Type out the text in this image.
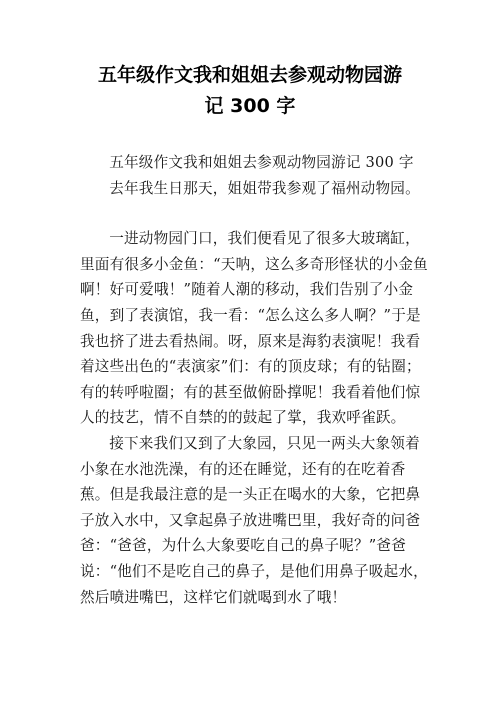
五年级作文我和姐姐去参观动物园游
记 300 字

五年级作文我和姐姐去参观动物园游记 300 字

去年我生日那天，姐姐带我参观了福州动物园。

一进动物园门口，我们便看见了很多大玻璃缸，里面有很多小金鱼：“天呐，这么多奇形怪状的小金鱼啊！好可爱哦！”随着人潮的移动，我们告别了小金鱼，到了表演馆，我一看：“怎么这么多人啊？”于是我也挤了进去看热闹。呀，原来是海豹表演呢！我看着这些出色的“表演家”们：有的顶皮球；有的钻圈；有的转呼啦圈；有的甚至做俯卧撑呢！我看着他们惊人的技艺，情不自禁的的鼓起了掌，我欢呼雀跃。

接下来我们又到了大象园，只见一两头大象领着小象在水池洗澡，有的还在睡觉，还有的在吃着香蕉。但是我最注意的是一头正在喝水的大象，它把鼻子放入水中，又拿起鼻子放进嘴巴里，我好奇的问爸爸：“爸爸，为什么大象要吃自己的鼻子呢？”爸爸说：“他们不是吃自己的鼻子，是他们用鼻子吸起水，然后喷进嘴巴，这样它们就喝到水了哦！
